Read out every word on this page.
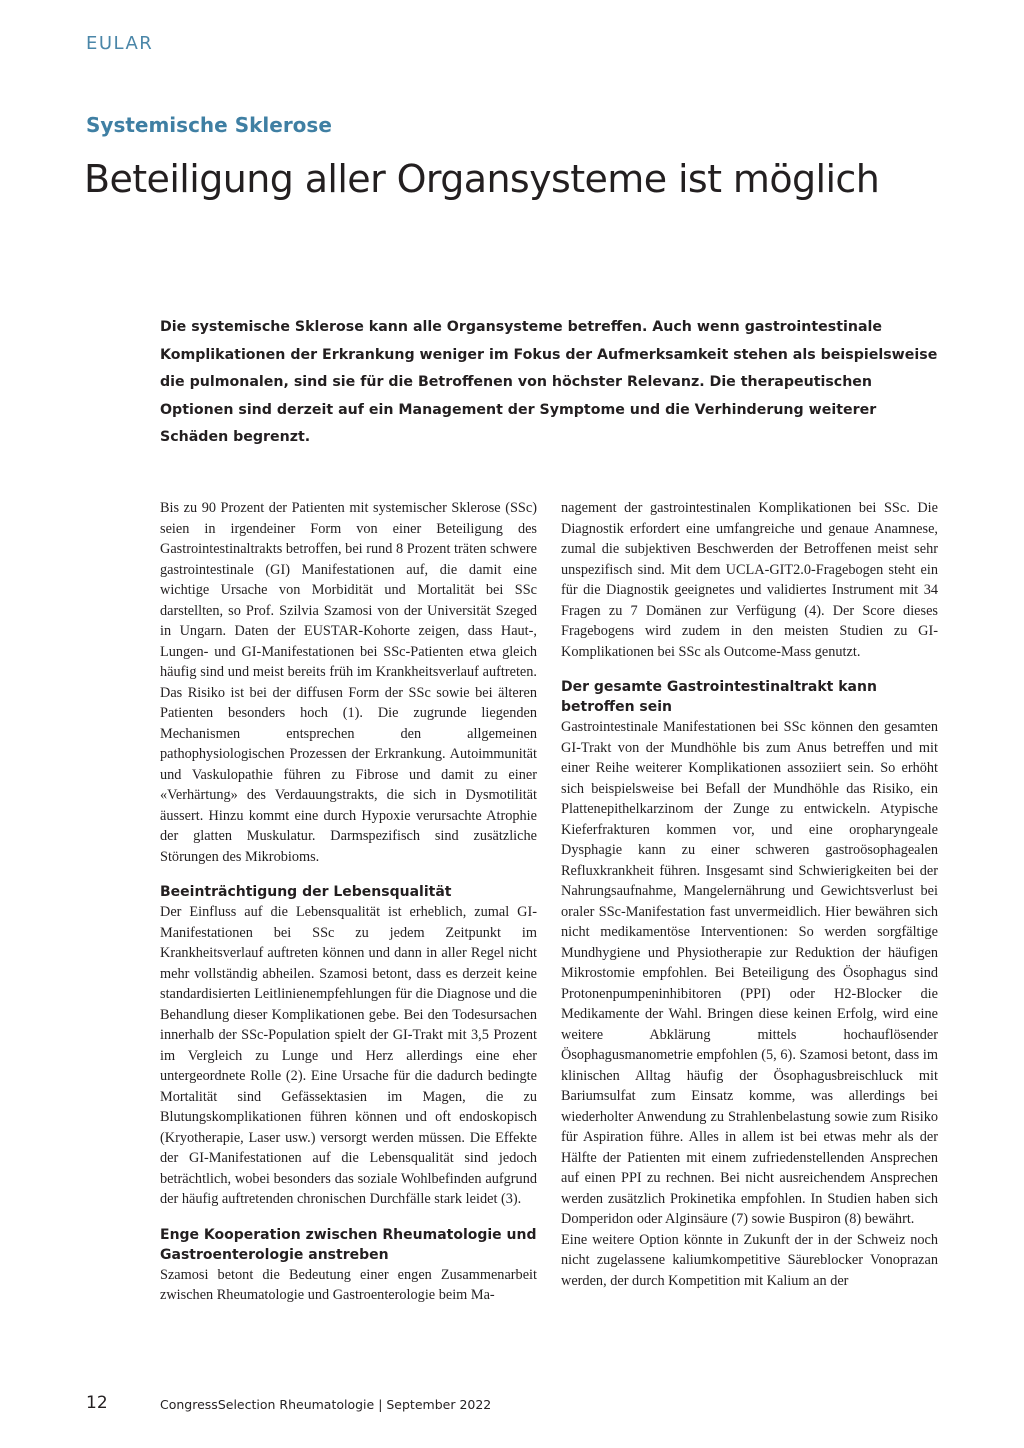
EULAR
Systemische Sklerose
Beteiligung aller Organsysteme ist möglich

Die systemische Sklerose kann alle Organsysteme betreffen. Auch wenn gastrointestinale Komplikationen der Erkrankung weniger im Fokus der Aufmerksamkeit stehen als beispielsweise die pulmonalen, sind sie für die Betroffenen von höchster Relevanz. Die therapeutischen Optionen sind derzeit auf ein Management der Symptome und die Verhinderung weiterer Schäden begrenzt.

Bis zu 90 Prozent der Patienten mit systemischer Sklerose (SSc) seien in irgendeiner Form von einer Beteiligung des Gastrointestinaltrakts betroffen, bei rund 8 Prozent träten schwere gastrointestinale (GI) Manifestationen auf, die damit eine wichtige Ursache von Morbidität und Mortalität bei SSc darstellten, so Prof. Szilvia Szamosi von der Universität Szeged in Ungarn. Daten der EUSTAR-Kohorte zeigen, dass Haut-, Lungen- und GI-Manifestationen bei SSc-Patienten etwa gleich häufig sind und meist bereits früh im Krankheitsverlauf auftreten. Das Risiko ist bei der diffusen Form der SSc sowie bei älteren Patienten besonders hoch (1). Die zugrunde liegenden Mechanismen entsprechen den allgemeinen pathophysiologischen Prozessen der Erkrankung. Autoimmunität und Vaskulopathie führen zu Fibrose und damit zu einer «Verhärtung» des Verdauungstrakts, die sich in Dysmotilität äussert. Hinzu kommt eine durch Hypoxie verursachte Atrophie der glatten Muskulatur. Darmspezifisch sind zusätzliche Störungen des Mikrobioms.

Beeinträchtigung der Lebensqualität

Der Einfluss auf die Lebensqualität ist erheblich, zumal GI-Manifestationen bei SSc zu jedem Zeitpunkt im Krankheitsverlauf auftreten können und dann in aller Regel nicht mehr vollständig abheilen. Szamosi betont, dass es derzeit keine standardisierten Leitlinienempfehlungen für die Diagnose und die Behandlung dieser Komplikationen gebe. Bei den Todesursachen innerhalb der SSc-Population spielt der GI-Trakt mit 3,5 Prozent im Vergleich zu Lunge und Herz allerdings eine eher untergeordnete Rolle (2). Eine Ursache für die dadurch bedingte Mortalität sind Gefässektasien im Magen, die zu Blutungskomplikationen führen können und oft endoskopisch (Kryotherapie, Laser usw.) versorgt werden müssen. Die Effekte der GI-Manifestationen auf die Lebensqualität sind jedoch beträchtlich, wobei besonders das soziale Wohlbefinden aufgrund der häufig auftretenden chronischen Durchfälle stark leidet (3).

Enge Kooperation zwischen Rheumatologie und Gastroenterologie anstreben

Szamosi betont die Bedeutung einer engen Zusammenarbeit zwischen Rheumatologie und Gastroenterologie beim Ma-

nagement der gastrointestinalen Komplikationen bei SSc. Die Diagnostik erfordert eine umfangreiche und genaue Anamnese, zumal die subjektiven Beschwerden der Betroffenen meist sehr unspezifisch sind. Mit dem UCLA-GIT2.0-Fragebogen steht ein für die Diagnostik geeignetes und validiertes Instrument mit 34 Fragen zu 7 Domänen zur Verfügung (4). Der Score dieses Fragebogens wird zudem in den meisten Studien zu GI-Komplikationen bei SSc als Outcome-Mass genutzt.

Der gesamte Gastrointestinaltrakt kann betroffen sein

Gastrointestinale Manifestationen bei SSc können den gesamten GI-Trakt von der Mundhöhle bis zum Anus betreffen und mit einer Reihe weiterer Komplikationen assoziiert sein. So erhöht sich beispielsweise bei Befall der Mundhöhle das Risiko, ein Plattenepithelkarzinom der Zunge zu entwickeln. Atypische Kieferfrakturen kommen vor, und eine oropharyngeale Dysphagie kann zu einer schweren gastroösophagealen Refluxkrankheit führen. Insgesamt sind Schwierigkeiten bei der Nahrungsaufnahme, Mangelernährung und Gewichtsverlust bei oraler SSc-Manifestation fast unvermeidlich. Hier bewähren sich nicht medikamentöse Interventionen: So werden sorgfältige Mundhygiene und Physiotherapie zur Reduktion der häufigen Mikrostomie empfohlen. Bei Beteiligung des Ösophagus sind Protonenpumpeninhibitoren (PPI) oder H2-Blocker die Medikamente der Wahl. Bringen diese keinen Erfolg, wird eine weitere Abklärung mittels hochauflösender Ösophagusmanometrie empfohlen (5, 6). Szamosi betont, dass im klinischen Alltag häufig der Ösophagusbreischluck mit Bariumsulfat zum Einsatz komme, was allerdings bei wiederholter Anwendung zu Strahlenbelastung sowie zum Risiko für Aspiration führe. Alles in allem ist bei etwas mehr als der Hälfte der Patienten mit einem zufriedenstellenden Ansprechen auf einen PPI zu rechnen. Bei nicht ausreichendem Ansprechen werden zusätzlich Prokinetika empfohlen. In Studien haben sich Domperidon oder Alginsäure (7) sowie Buspiron (8) bewährt.

Eine weitere Option könnte in Zukunft der in der Schweiz noch nicht zugelassene kaliumkompetitive Säureblocker Vonoprazan werden, der durch Kompetition mit Kalium an der

12	CongressSelection Rheumatologie | September 2022
